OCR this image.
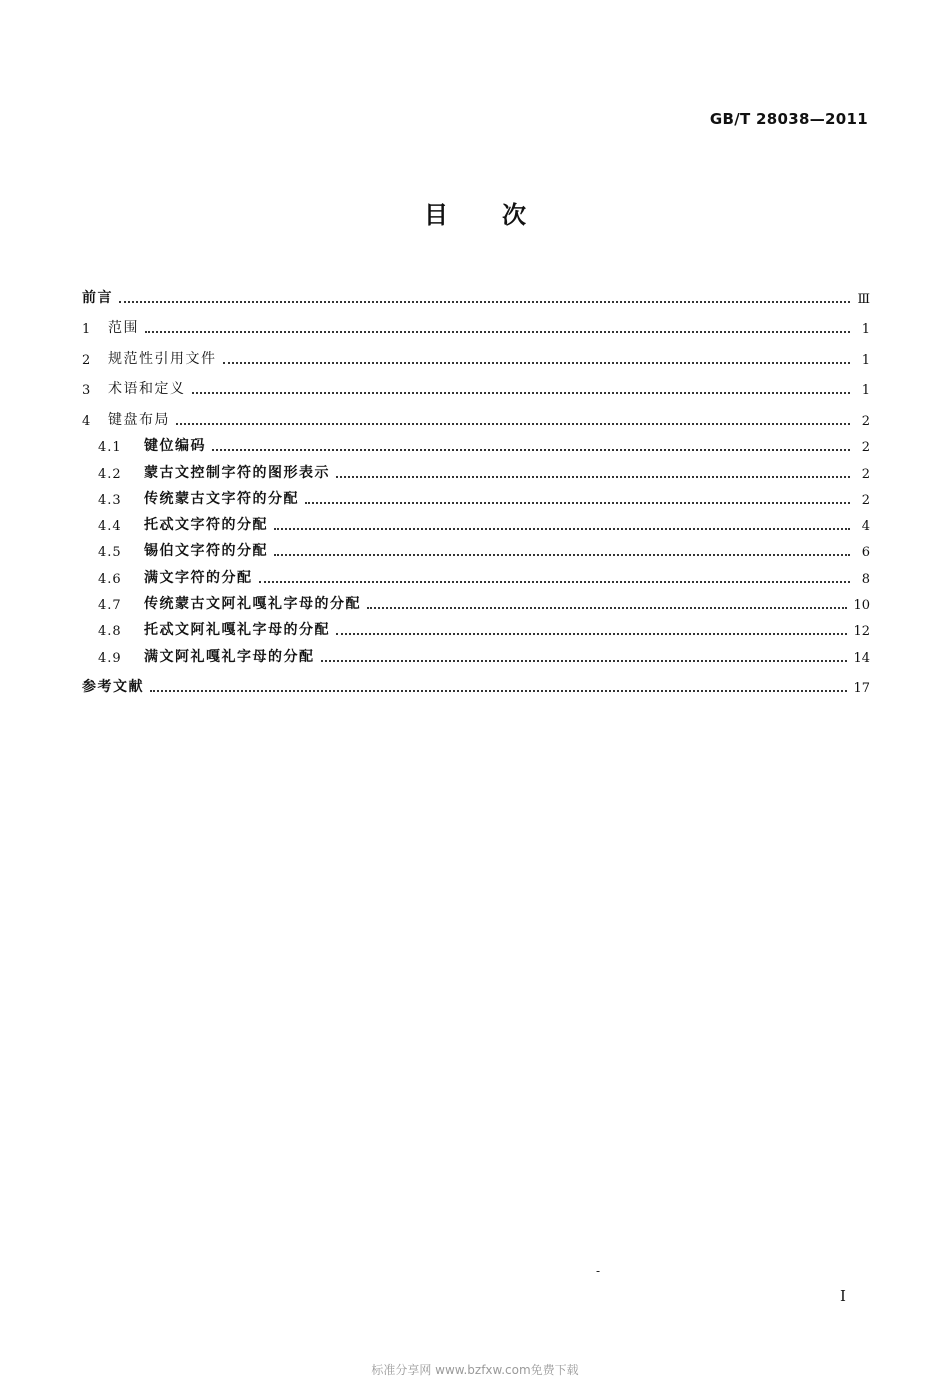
GB/T 28038—2011
目次
前言	Ⅲ
1	范围	1
2	规范性引用文件	1
3	术语和定义	1
4	键盘布局	2
4.1	键位编码	2
4.2	蒙古文控制字符的图形表示	2
4.3	传统蒙古文字符的分配	2
4.4	托忒文字符的分配	4
4.5	锡伯文字符的分配	6
4.6	满文字符的分配	8
4.7	传统蒙古文阿礼嘎礼字母的分配	10
4.8	托忒文阿礼嘎礼字母的分配	12
4.9	满文阿礼嘎礼字母的分配	14
参考文献	17
-
I
标准分享网 www.bzfxw.com免费下载
